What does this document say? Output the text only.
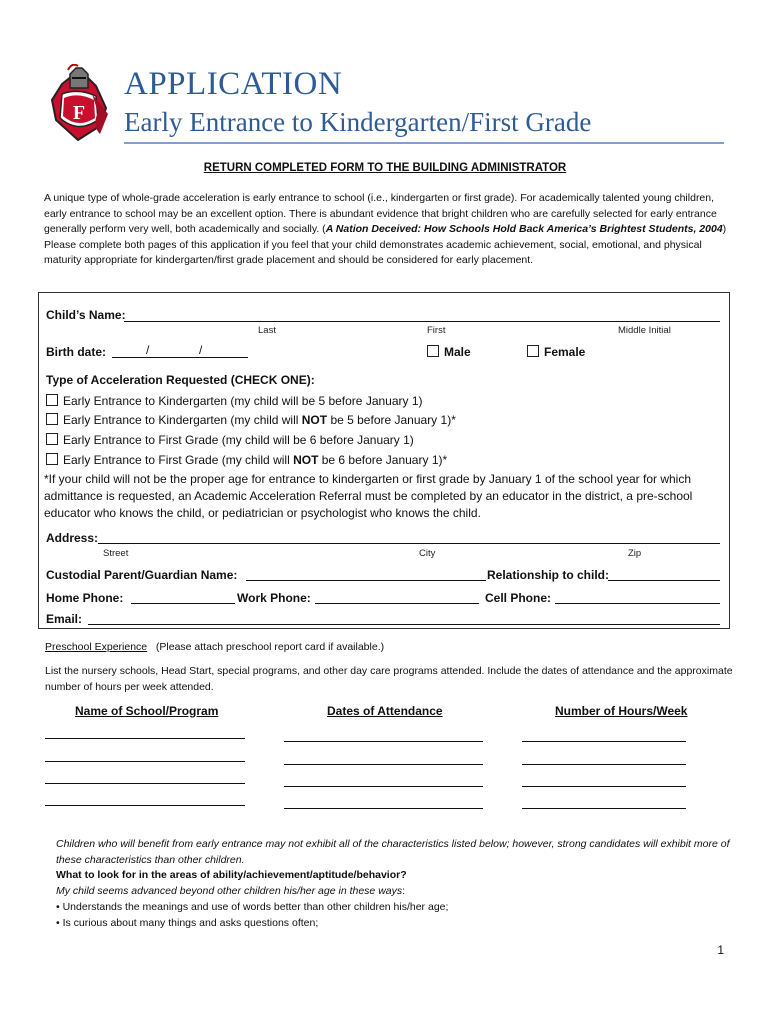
F
APPLICATION
Early Entrance to Kindergarten/First Grade
RETURN COMPLETED FORM TO THE BUILDING ADMINISTRATOR
A unique type of whole-grade acceleration is early entrance to school (i.e., kindergarten or first grade). For academically talented young children, early entrance to school may be an excellent option. There is abundant evidence that bright children who are carefully selected for early entrance generally perform very well, both academically and socially. (A Nation Deceived: How Schools Hold Back America’s Brightest Students, 2004)
Please complete both pages of this application if you feel that your child demonstrates academic achievement, social, emotional, and physical maturity appropriate for kindergarten/first grade placement and should be considered for early placement.
Child’s Name:
Last	First	Middle Initial
Birth date:	/	/	Male	Female
Type of Acceleration Requested (CHECK ONE):
Early Entrance to Kindergarten (my child will be 5 before January 1)
Early Entrance to Kindergarten (my child will NOT be 5 before January 1)*
Early Entrance to First Grade (my child will be 6 before January 1)
Early Entrance to First Grade (my child will NOT be 6 before January 1)*
*If your child will not be the proper age for entrance to kindergarten or first grade by January 1 of the school year for which admittance is requested, an Academic Acceleration Referral must be completed by an educator in the district, a pre-school educator who knows the child, or pediatrician or psychologist who knows the child.
Address:
Street	City	Zip
Custodial Parent/Guardian Name:	Relationship to child:
Home Phone:	Work Phone:	Cell Phone:
Email:
Preschool Experience (Please attach preschool report card if available.)
List the nursery schools, Head Start, special programs, and other day care programs attended. Include the dates of attendance and the approximate number of hours per week attended.
Name of School/Program	Dates of Attendance	Number of Hours/Week
Children who will benefit from early entrance may not exhibit all of the characteristics listed below; however, strong candidates will exhibit more of these characteristics than other children.
What to look for in the areas of ability/achievement/aptitude/behavior?
My child seems advanced beyond other children his/her age in these ways:
• Understands the meanings and use of words better than other children his/her age;
• Is curious about many things and asks questions often;
1
